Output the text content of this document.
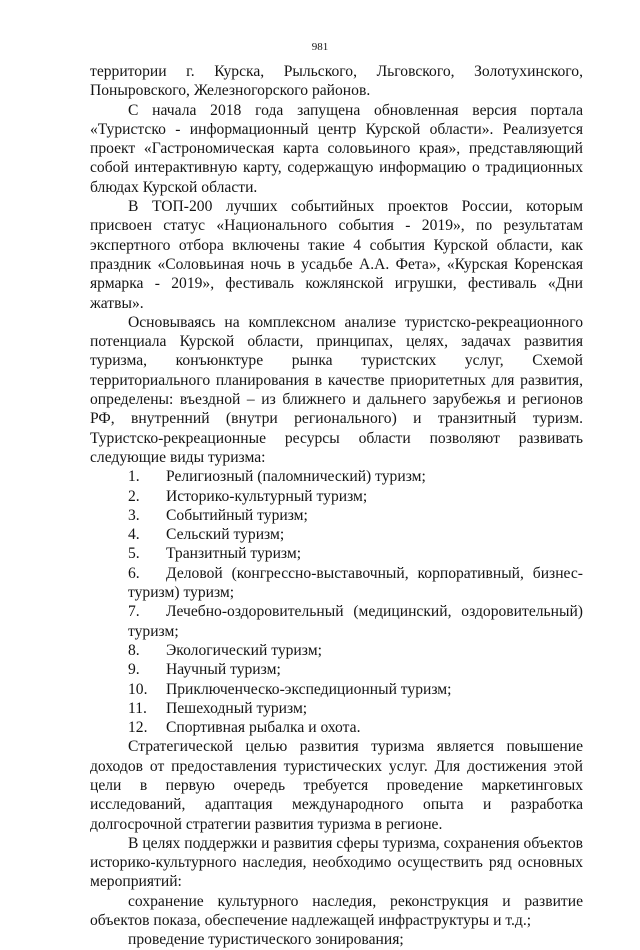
981

территории г. Курска, Рыльского, Льговского, Золотухинского, Поныровского, Железногорского районов.

С начала 2018 года запущена обновленная версия портала «Туристско - информационный центр Курской области». Реализуется проект «Гастрономическая карта соловьиного края», представляющий собой интерактивную карту, содержащую информацию о традиционных блюдах Курской области.

В ТОП-200 лучших событийных проектов России, которым присвоен статус «Национального события - 2019», по результатам экспертного отбора включены такие 4 события Курской области, как праздник «Соловьиная ночь в усадьбе А.А. Фета», «Курская Коренская ярмарка - 2019», фестиваль кожлянской игрушки, фестиваль «Дни жатвы».

Основываясь на комплексном анализе туристско-рекреационного потенциала Курской области, принципах, целях, задачах развития туризма, конъюнктуре рынка туристских услуг, Схемой территориального планирования в качестве приоритетных для развития, определены: въездной – из ближнего и дальнего зарубежья и регионов РФ, внутренний (внутри регионального) и транзитный туризм. Туристско-рекреационные ресурсы области позволяют развивать следующие виды туризма:

1. Религиозный (паломнический) туризм;

2. Историко-культурный туризм;

3. Событийный туризм;

4. Сельский туризм;

5. Транзитный туризм;

6. Деловой (конгрессно-выставочный, корпоративный, бизнес-туризм) туризм;

7. Лечебно-оздоровительный (медицинский, оздоровительный) туризм;

8. Экологический туризм;

9. Научный туризм;

10. Приключенческо-экспедиционный туризм;

11. Пешеходный туризм;

12. Спортивная рыбалка и охота.

Стратегической целью развития туризма является повышение доходов от предоставления туристических услуг. Для достижения этой цели в первую очередь требуется проведение маркетинговых исследований, адаптация международного опыта и разработка долгосрочной стратегии развития туризма в регионе.

В целях поддержки и развития сферы туризма, сохранения объектов историко-культурного наследия, необходимо осуществить ряд основных мероприятий:

сохранение культурного наследия, реконструкция и развитие объектов показа, обеспечение надлежащей инфраструктуры и т.д.;

проведение туристического зонирования;
